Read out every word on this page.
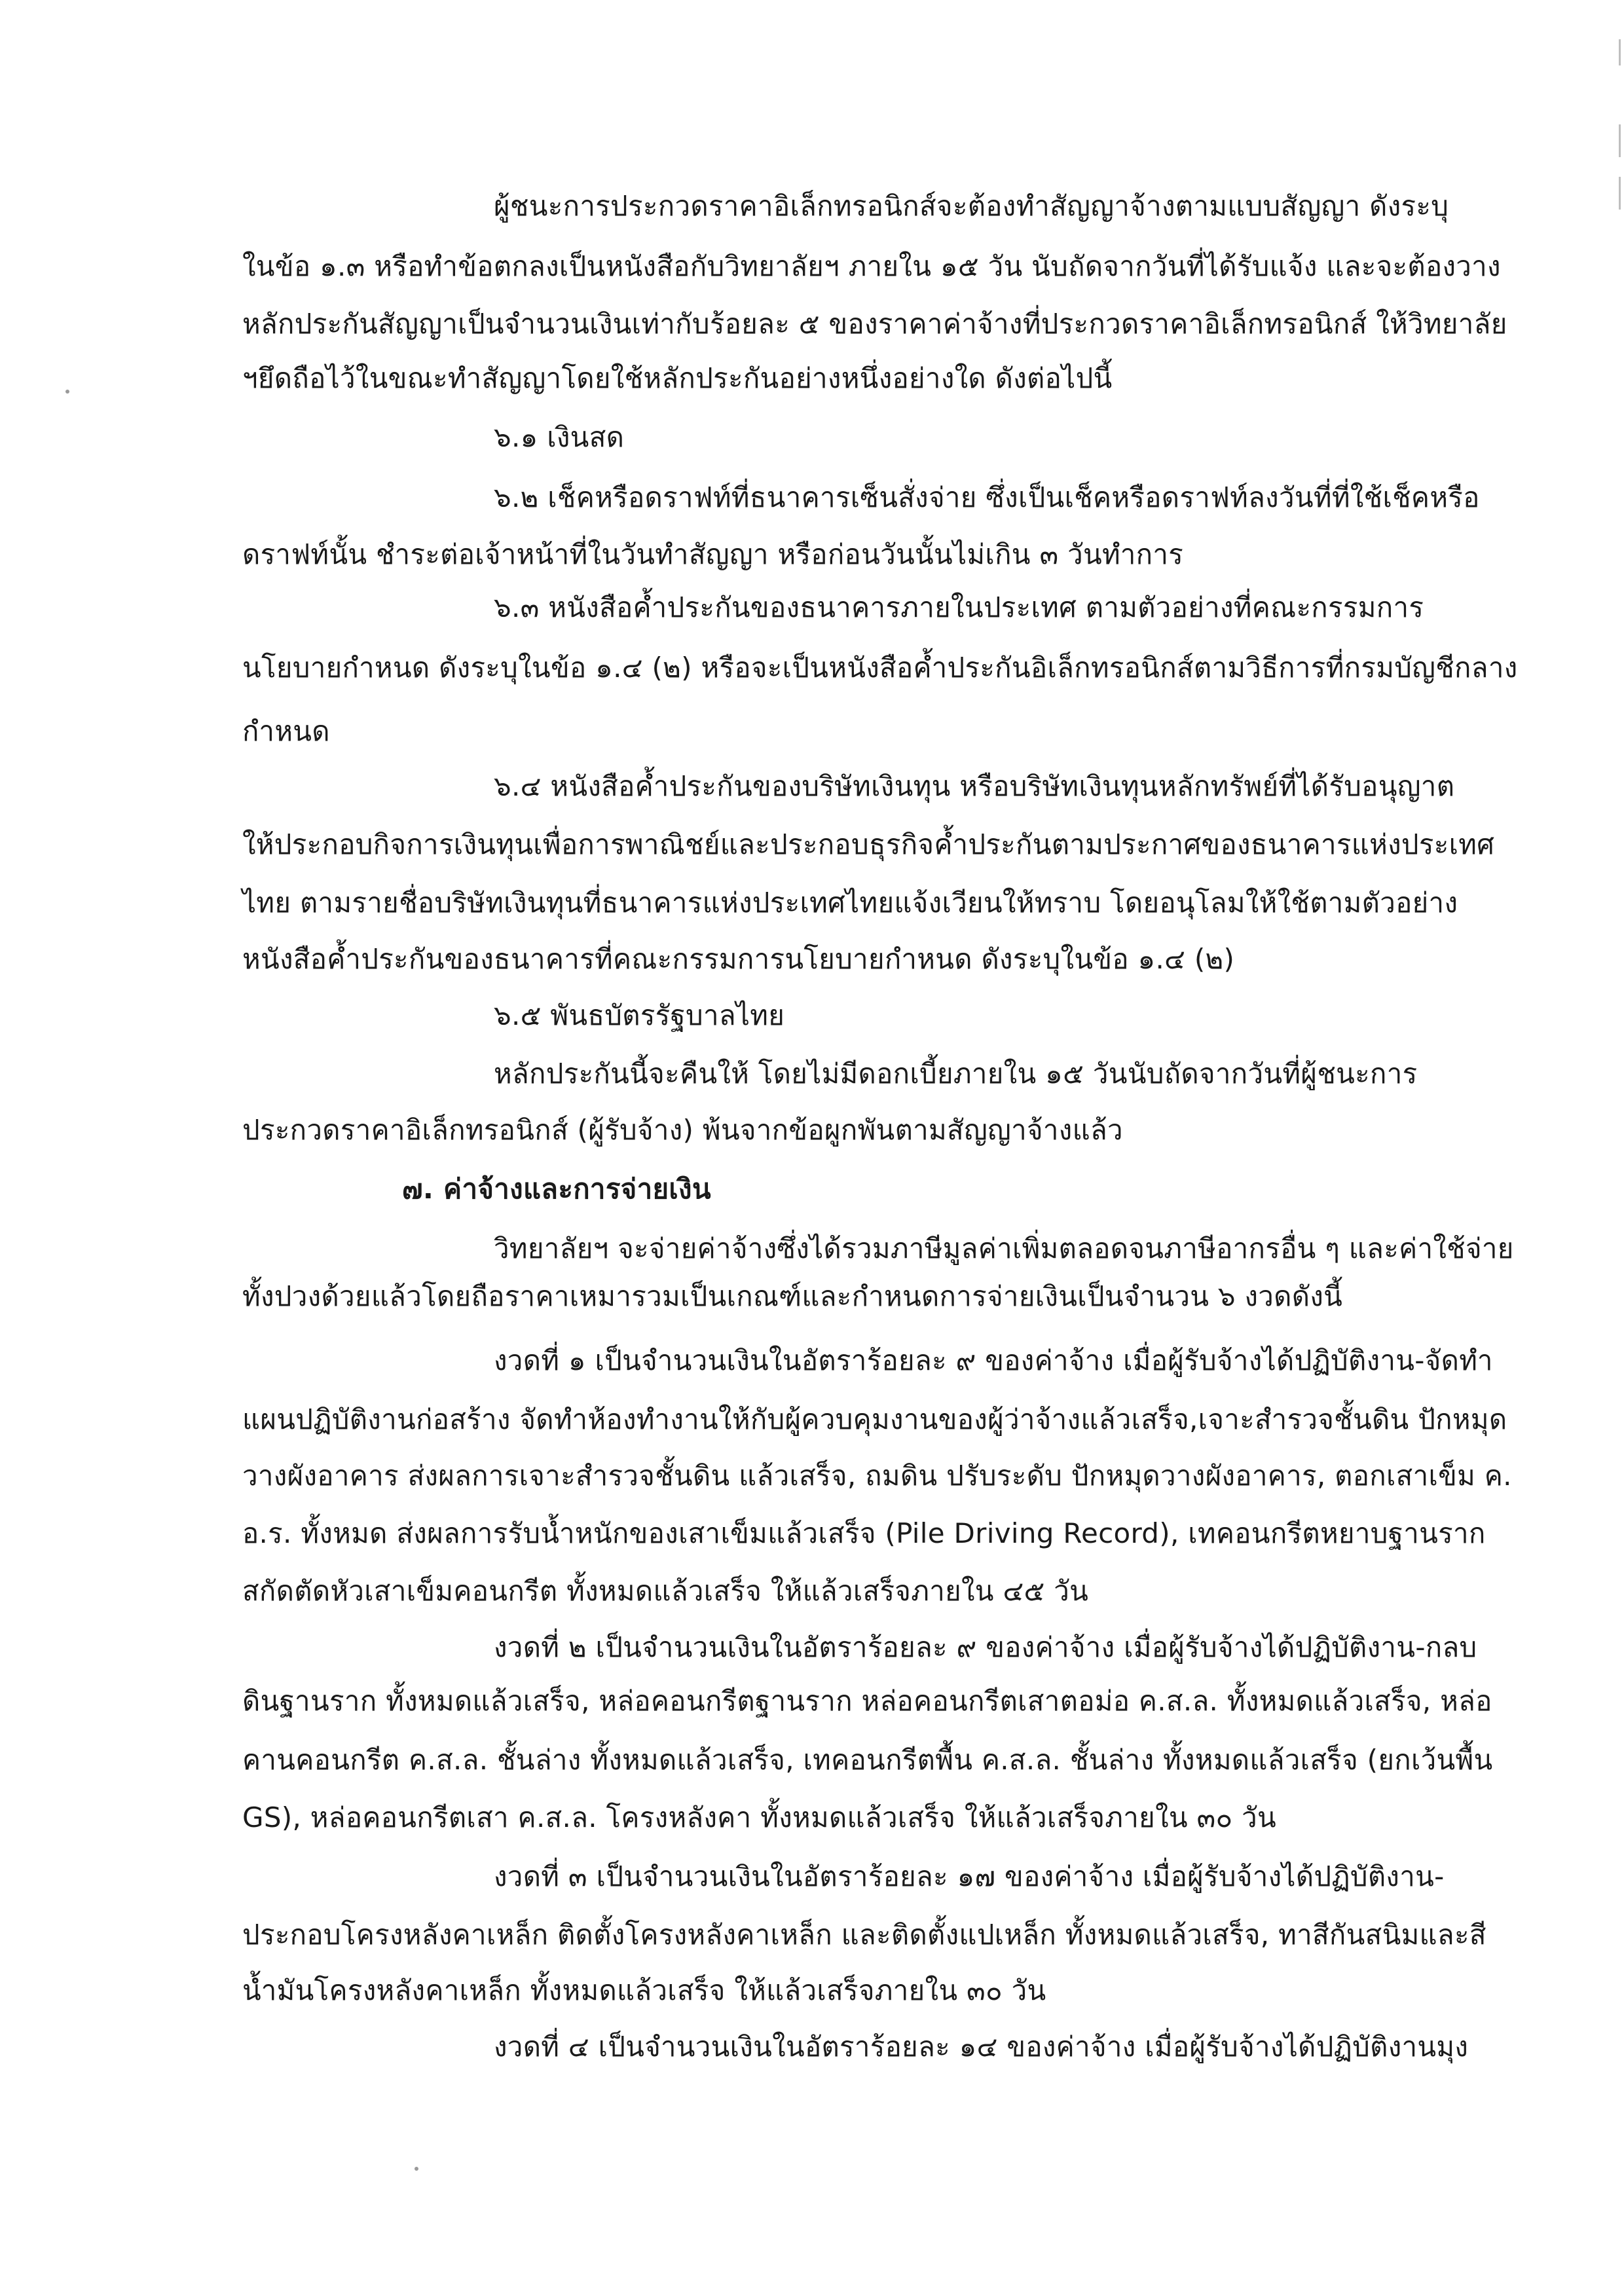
ผู้ชนะการประกวดราคาอิเล็กทรอนิกส์จะต้องทำสัญญาจ้างตามแบบสัญญา ดังระบุ
ในข้อ ๑.๓ หรือทำข้อตกลงเป็นหนังสือกับวิทยาลัยฯ ภายใน ๑๕ วัน นับถัดจากวันที่ได้รับแจ้ง และจะต้องวาง
หลักประกันสัญญาเป็นจำนวนเงินเท่ากับร้อยละ ๕ ของราคาค่าจ้างที่ประกวดราคาอิเล็กทรอนิกส์ ให้วิทยาลัย
ฯยึดถือไว้ในขณะทำสัญญาโดยใช้หลักประกันอย่างหนึ่งอย่างใด ดังต่อไปนี้
๖.๑ เงินสด
๖.๒ เช็คหรือดราฟท์ที่ธนาคารเซ็นสั่งจ่าย ซึ่งเป็นเช็คหรือดราฟท์ลงวันที่ที่ใช้เช็คหรือ
ดราฟท์นั้น ชำระต่อเจ้าหน้าที่ในวันทำสัญญา หรือก่อนวันนั้นไม่เกิน ๓ วันทำการ
๖.๓ หนังสือค้ำประกันของธนาคารภายในประเทศ ตามตัวอย่างที่คณะกรรมการ
นโยบายกำหนด ดังระบุในข้อ ๑.๔ (๒) หรือจะเป็นหนังสือค้ำประกันอิเล็กทรอนิกส์ตามวิธีการที่กรมบัญชีกลาง
กำหนด
๖.๔ หนังสือค้ำประกันของบริษัทเงินทุน หรือบริษัทเงินทุนหลักทรัพย์ที่ได้รับอนุญาต
ให้ประกอบกิจการเงินทุนเพื่อการพาณิชย์และประกอบธุรกิจค้ำประกันตามประกาศของธนาคารแห่งประเทศ
ไทย ตามรายชื่อบริษัทเงินทุนที่ธนาคารแห่งประเทศไทยแจ้งเวียนให้ทราบ โดยอนุโลมให้ใช้ตามตัวอย่าง
หนังสือค้ำประกันของธนาคารที่คณะกรรมการนโยบายกำหนด ดังระบุในข้อ ๑.๔ (๒)
๖.๕ พันธบัตรรัฐบาลไทย
หลักประกันนี้จะคืนให้ โดยไม่มีดอกเบี้ยภายใน ๑๕ วันนับถัดจากวันที่ผู้ชนะการ
ประกวดราคาอิเล็กทรอนิกส์ (ผู้รับจ้าง) พ้นจากข้อผูกพันตามสัญญาจ้างแล้ว
๗. ค่าจ้างและการจ่ายเงิน
วิทยาลัยฯ จะจ่ายค่าจ้างซึ่งได้รวมภาษีมูลค่าเพิ่มตลอดจนภาษีอากรอื่น ๆ และค่าใช้จ่าย
ทั้งปวงด้วยแล้วโดยถือราคาเหมารวมเป็นเกณฑ์และกำหนดการจ่ายเงินเป็นจำนวน ๖ งวดดังนี้
งวดที่ ๑ เป็นจำนวนเงินในอัตราร้อยละ ๙ ของค่าจ้าง เมื่อผู้รับจ้างได้ปฏิบัติงาน-จัดทำ
แผนปฏิบัติงานก่อสร้าง จัดทำห้องทำงานให้กับผู้ควบคุมงานของผู้ว่าจ้างแล้วเสร็จ,เจาะสำรวจชั้นดิน ปักหมุด
วางผังอาคาร ส่งผลการเจาะสำรวจชั้นดิน แล้วเสร็จ, ถมดิน ปรับระดับ ปักหมุดวางผังอาคาร, ตอกเสาเข็ม ค.
อ.ร. ทั้งหมด ส่งผลการรับน้ำหนักของเสาเข็มแล้วเสร็จ (Pile Driving Record), เทคอนกรีตหยาบฐานราก
สกัดตัดหัวเสาเข็มคอนกรีต ทั้งหมดแล้วเสร็จ ให้แล้วเสร็จภายใน ๔๕ วัน
งวดที่ ๒ เป็นจำนวนเงินในอัตราร้อยละ ๙ ของค่าจ้าง เมื่อผู้รับจ้างได้ปฏิบัติงาน-กลบ
ดินฐานราก ทั้งหมดแล้วเสร็จ, หล่อคอนกรีตฐานราก หล่อคอนกรีตเสาตอม่อ ค.ส.ล. ทั้งหมดแล้วเสร็จ, หล่อ
คานคอนกรีต ค.ส.ล. ชั้นล่าง ทั้งหมดแล้วเสร็จ, เทคอนกรีตพื้น ค.ส.ล. ชั้นล่าง ทั้งหมดแล้วเสร็จ (ยกเว้นพื้น
GS), หล่อคอนกรีตเสา ค.ส.ล. โครงหลังคา ทั้งหมดแล้วเสร็จ ให้แล้วเสร็จภายใน ๓๐ วัน
งวดที่ ๓ เป็นจำนวนเงินในอัตราร้อยละ ๑๗ ของค่าจ้าง เมื่อผู้รับจ้างได้ปฏิบัติงาน-
ประกอบโครงหลังคาเหล็ก ติดตั้งโครงหลังคาเหล็ก และติดตั้งแปเหล็ก ทั้งหมดแล้วเสร็จ, ทาสีกันสนิมและสี
น้ำมันโครงหลังคาเหล็ก ทั้งหมดแล้วเสร็จ ให้แล้วเสร็จภายใน ๓๐ วัน
งวดที่ ๔ เป็นจำนวนเงินในอัตราร้อยละ ๑๔ ของค่าจ้าง เมื่อผู้รับจ้างได้ปฏิบัติงานมุง
